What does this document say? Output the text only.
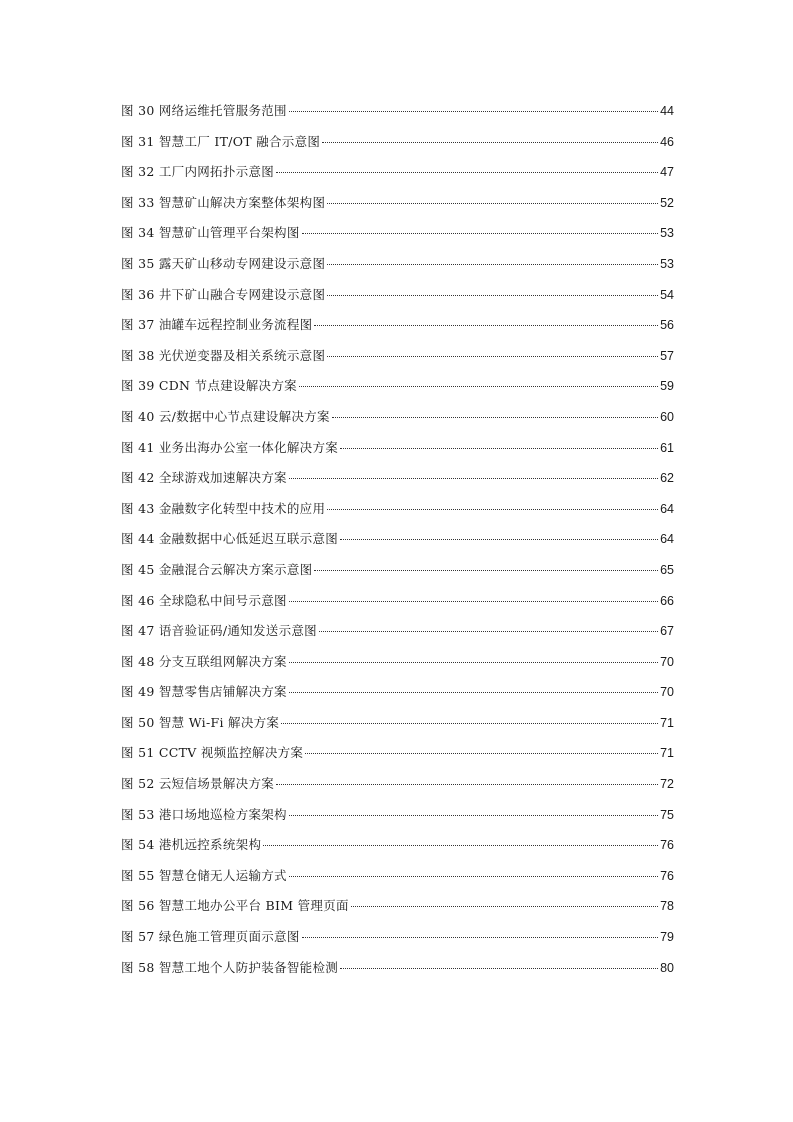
图 30 网络运维托管服务范围	44
图 31 智慧工厂 IT/OT 融合示意图	46
图 32 工厂内网拓扑示意图	47
图 33 智慧矿山解决方案整体架构图	52
图 34 智慧矿山管理平台架构图	53
图 35 露天矿山移动专网建设示意图	53
图 36 井下矿山融合专网建设示意图	54
图 37 油罐车远程控制业务流程图	56
图 38 光伏逆变器及相关系统示意图	57
图 39 CDN 节点建设解决方案	59
图 40 云/数据中心节点建设解决方案	60
图 41 业务出海办公室一体化解决方案	61
图 42 全球游戏加速解决方案	62
图 43 金融数字化转型中技术的应用	64
图 44 金融数据中心低延迟互联示意图	64
图 45 金融混合云解决方案示意图	65
图 46 全球隐私中间号示意图	66
图 47 语音验证码/通知发送示意图	67
图 48 分支互联组网解决方案	70
图 49 智慧零售店铺解决方案	70
图 50 智慧 Wi-Fi 解决方案	71
图 51 CCTV 视频监控解决方案	71
图 52 云短信场景解决方案	72
图 53 港口场地巡检方案架构	75
图 54 港机远控系统架构	76
图 55 智慧仓储无人运输方式	76
图 56 智慧工地办公平台 BIM 管理页面	78
图 57 绿色施工管理页面示意图	79
图 58 智慧工地个人防护装备智能检测	80
